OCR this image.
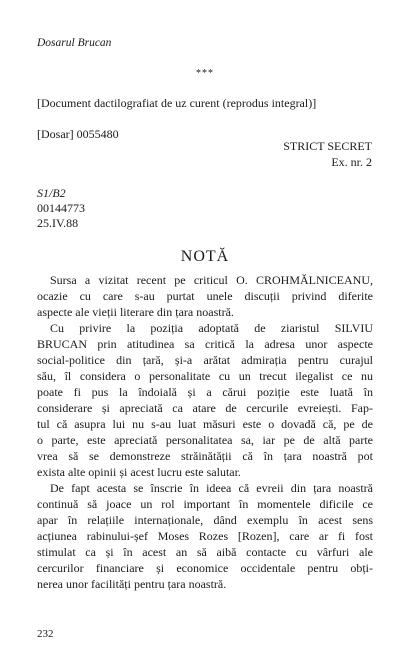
Dosarul Brucan
***
[Document dactilografiat de uz curent (reprodus integral)]
[Dosar] 0055480
STRICT SECRET
Ex. nr. 2
S1/B2
00144773
25.IV.88
NOTĂ
Sursa a vizitat recent pe criticul O. CROHMĂLNICEANU,
ocazie cu care s-au purtat unele discuții privind diferite
aspecte ale vieții literare din țara noastră.
Cu privire la poziția adoptată de ziaristul SILVIU
BRUCAN prin atitudinea sa critică la adresa unor aspecte
social-politice din țară, și-a arătat admirația pentru curajul
său, îl considera o personalitate cu un trecut ilegalist ce nu
poate fi pus la îndoială și a cărui poziție este luată în
considerare și apreciată ca atare de cercurile evreiești. Fap-
tul că asupra lui nu s-au luat măsuri este o dovadă că, pe de
o parte, este apreciată personalitatea sa, iar pe de altă parte
vrea să se demonstreze străinătății că în țara noastră pot
exista alte opinii și acest lucru este salutar.
De fapt acesta se înscrie în ideea că evreii din țara noastră
continuă să joace un rol important în momentele dificile ce
apar în relațiile internaționale, dând exemplu în acest sens
acțiunea rabinului-șef Moses Rozes [Rozen], care ar fi fost
stimulat ca și în acest an să aibă contacte cu vârfuri ale
cercurilor financiare și economice occidentale pentru obți-
nerea unor facilități pentru țara noastră.
232
